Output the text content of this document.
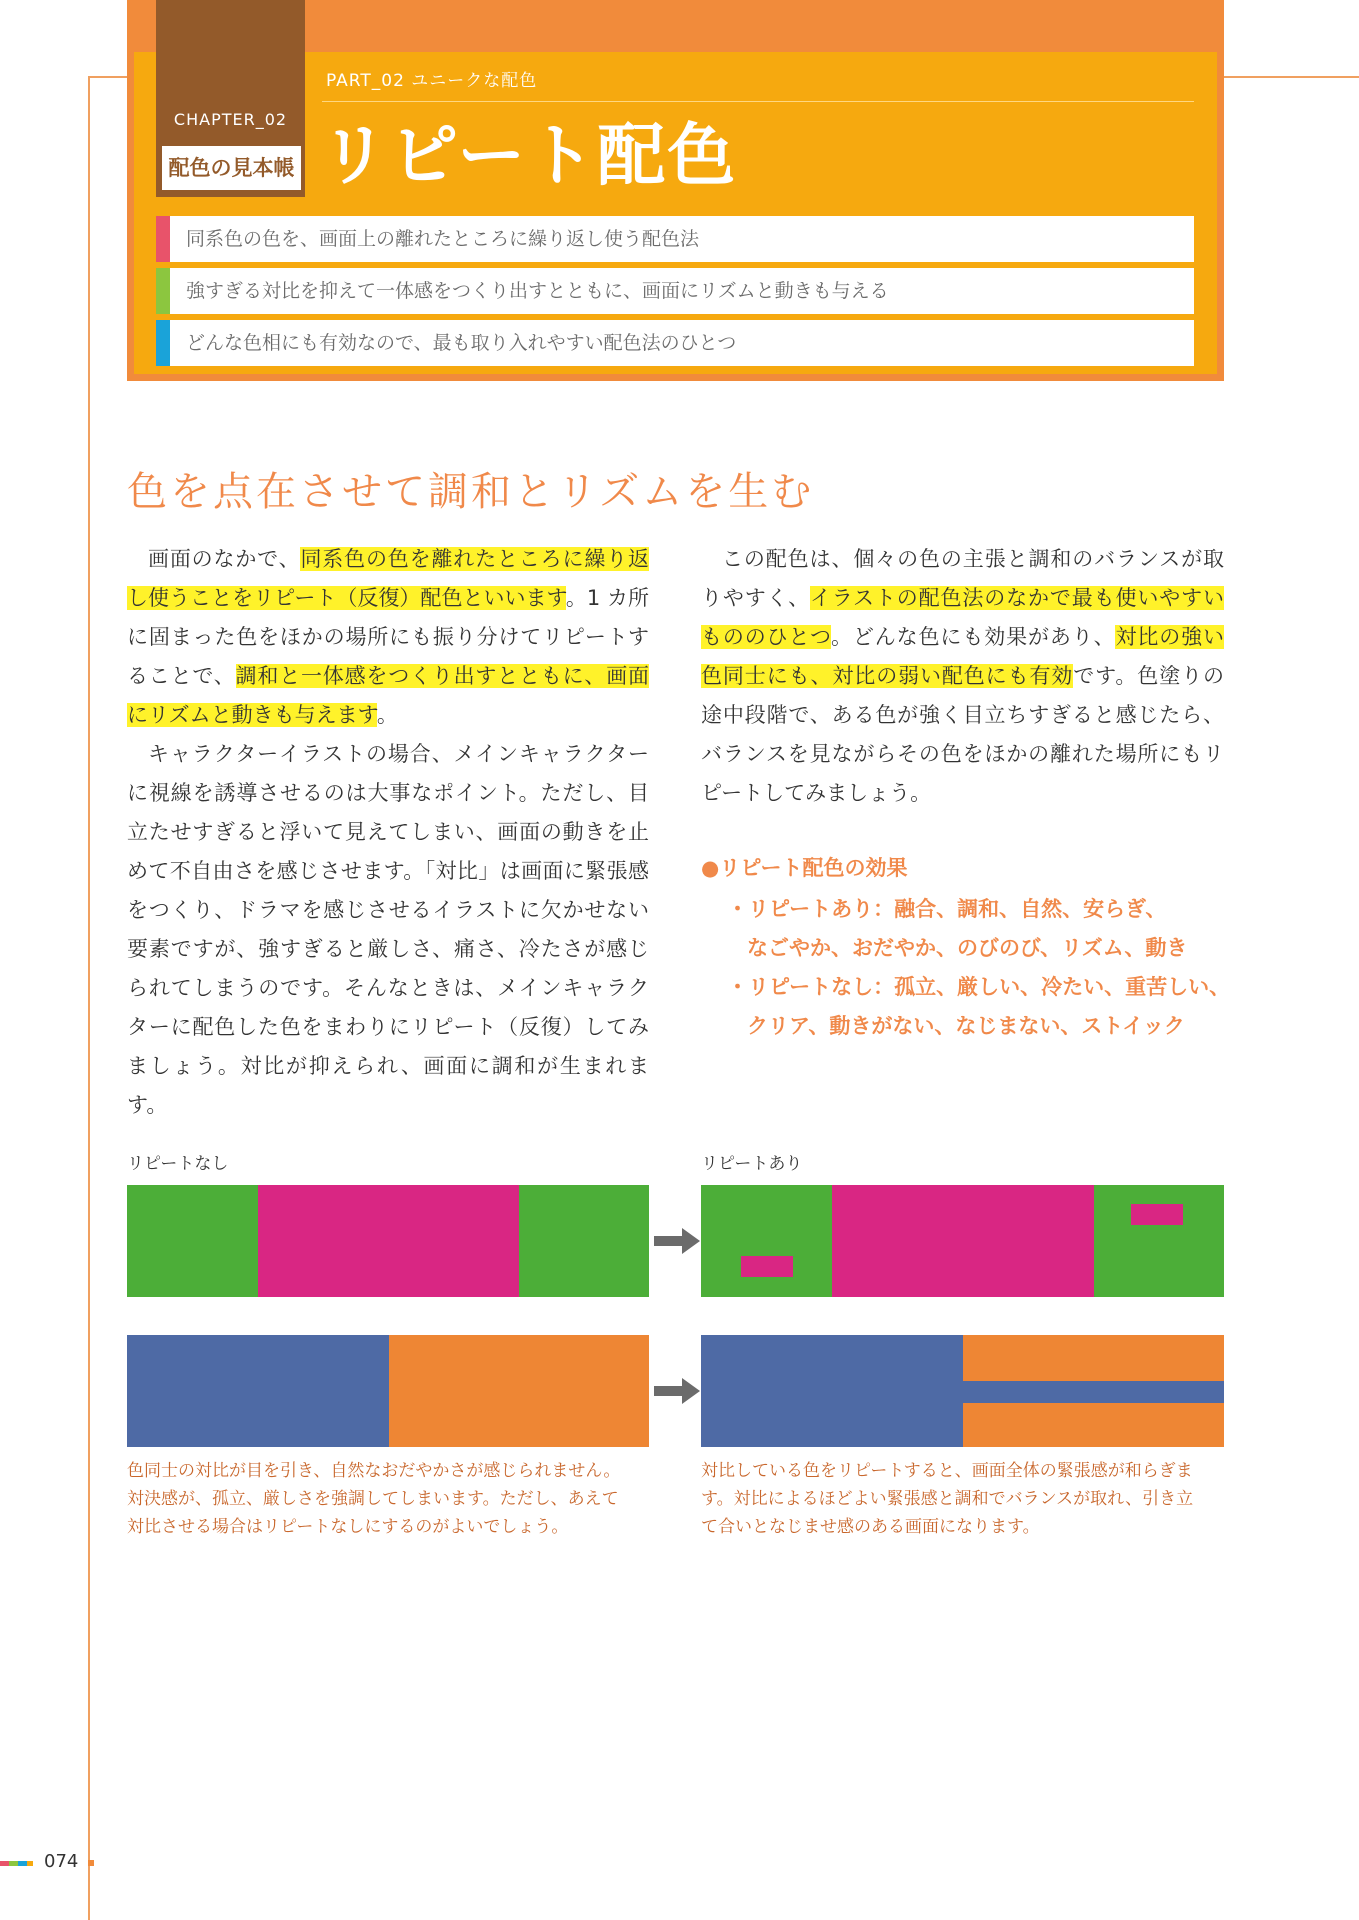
CHAPTER_02
配色の見本帳
PART_02 ユニークな配色
リピート配色
同系色の色を、画面上の離れたところに繰り返し使う配色法
強すぎる対比を抑えて一体感をつくり出すとともに、画面にリズムと動きも与える
どんな色相にも有効なので、最も取り入れやすい配色法のひとつ
色を点在させて調和とリズムを生む

画面のなかで、同系色の色を離れたところに繰り返し使うことをリピート（反復）配色といいます。1 カ所に固まった色をほかの場所にも振り分けてリピートすることで、調和と一体感をつくり出すとともに、画面にリズムと動きも与えます。

キャラクターイラストの場合、メインキャラクターに視線を誘導させるのは大事なポイント。ただし、目立たせすぎると浮いて見えてしまい、画面の動きを止めて不自由さを感じさせます。「対比」は画面に緊張感をつくり、ドラマを感じさせるイラストに欠かせない要素ですが、強すぎると厳しさ、痛さ、冷たさが感じられてしまうのです。そんなときは、メインキャラクターに配色した色をまわりにリピート（反復）してみましょう。対比が抑えられ、画面に調和が生まれます。

この配色は、個々の色の主張と調和のバランスが取りやすく、イラストの配色法のなかで最も使いやすいもののひとつ。どんな色にも効果があり、対比の強い色同士にも、対比の弱い配色にも有効です。色塗りの途中段階で、ある色が強く目立ちすぎると感じたら、バランスを見ながらその色をほかの離れた場所にもリピートしてみましょう。

●リピート配色の効果
・リピートあり：融合、調和、自然、安らぎ、
なごやか、おだやか、のびのび、リズム、動き
・リピートなし：孤立、厳しい、冷たい、重苦しい、
クリア、動きがない、なじまない、ストイック
リピートなし	リピートあり
色同士の対比が目を引き、自然なおだやかさが感じられません。
対決感が、孤立、厳しさを強調してしまいます。ただし、あえて
対比させる場合はリピートなしにするのがよいでしょう。
対比している色をリピートすると、画面全体の緊張感が和らぎま
す。対比によるほどよい緊張感と調和でバランスが取れ、引き立
て合いとなじませ感のある画面になります。
074
